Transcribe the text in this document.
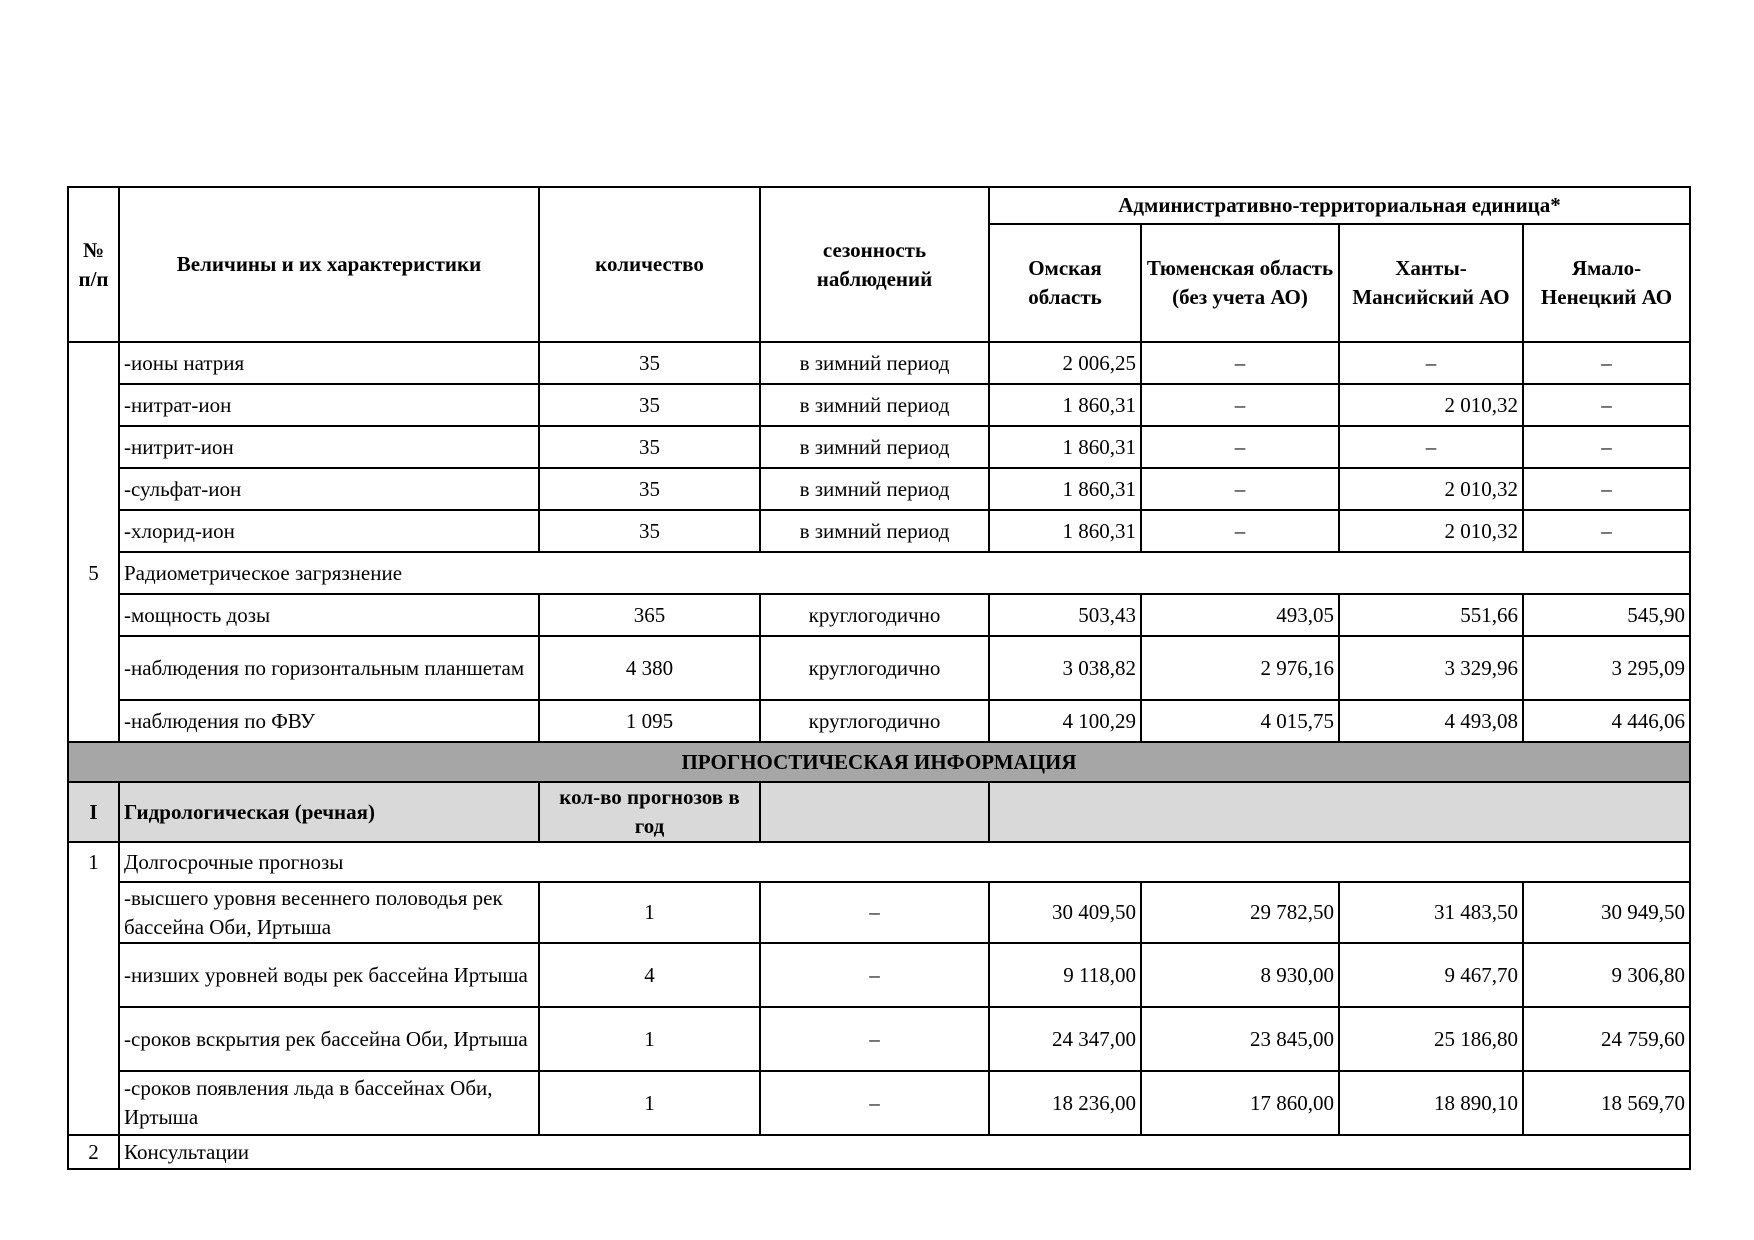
№ п/п	Величины и их характеристики	количество	сезонность наблюдений	Административно-территориальная единица*			
				Омская область	Тюменская область (без учета АО)	Ханты-Мансийский АО	Ямало-Ненецкий АО
	-ионы натрия	35	в зимний период	2 006,25	–	–	–
	-нитрат-ион	35	в зимний период	1 860,31	–	2 010,32	–
	-нитрит-ион	35	в зимний период	1 860,31	–	–	–
	-сульфат-ион	35	в зимний период	1 860,31	–	2 010,32	–
	-хлорид-ион	35	в зимний период	1 860,31	–	2 010,32	–
5	Радиометрическое загрязнение						
	-мощность дозы	365	круглогодично	503,43	493,05	551,66	545,90
	-наблюдения по горизонтальным планшетам	4 380	круглогодично	3 038,82	2 976,16	3 329,96	3 295,09
	-наблюдения по ФВУ	1 095	круглогодично	4 100,29	4 015,75	4 493,08	4 446,06
ПРОГНОСТИЧЕСКАЯ ИНФОРМАЦИЯ							
I	Гидрологическая (речная)	кол-во прогнозов в год					
1	Долгосрочные прогнозы						
	-высшего уровня весеннего половодья рек бассейна Оби, Иртыша	1	–	30 409,50	29 782,50	31 483,50	30 949,50
	-низших уровней воды рек бассейна Иртыша	4	–	9 118,00	8 930,00	9 467,70	9 306,80
	-сроков вскрытия рек бассейна Оби, Иртыша	1	–	24 347,00	23 845,00	25 186,80	24 759,60
	-сроков появления льда в бассейнах Оби, Иртыша	1	–	18 236,00	17 860,00	18 890,10	18 569,70
2	Консультации						
